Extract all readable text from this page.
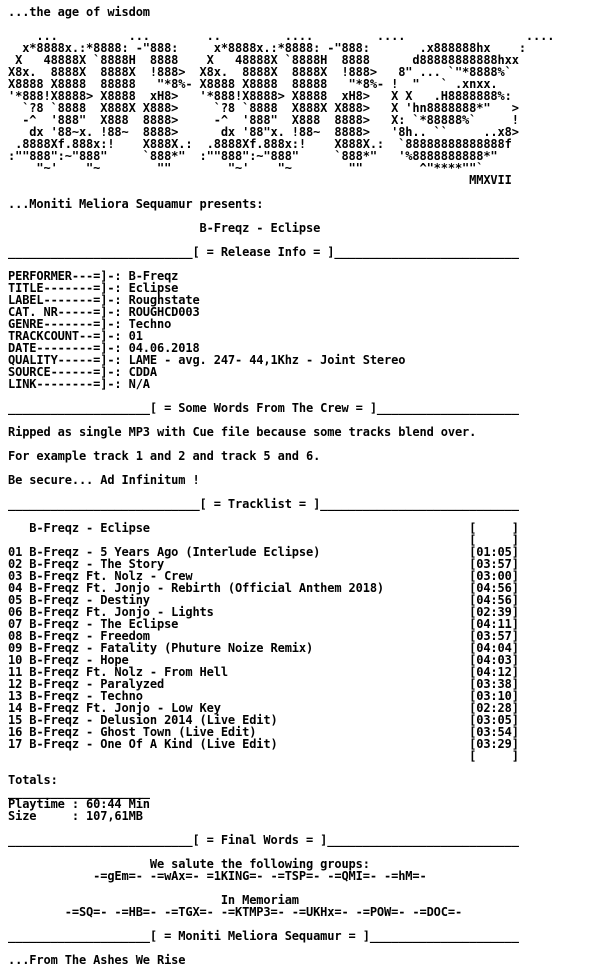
...the age of wisdom

...          ...        ..         ....         ....                 ....
x*8888x.:*8888: -"888:     x*8888x.:*8888: -"888:       .x888888hx    :
X   48888X `8888H  8888    X   48888X `8888H  8888      d88888888888hxx
X8x.  8888X  8888X  !888>  X8x.  8888X  8888X  !888>   8" ... `"*8888%`
X8888 X8888  88888   "*8%- X8888 X8888  88888   "*8%- !  "   ` .xnxx.
'*888!X8888> X8888  xH8>   '*888!X8888> X8888  xH8>   X X   .H8888888%:
`?8 `8888  X888X X888>     `?8 `8888  X888X X888>   X 'hn8888888*"   >
-^  '888"  X888  8888>     -^  '888"  X888  8888>   X: `*88888%`     !
dx '88~x. !88~  8888>      dx '88"x. !88~  8888>   '8h.. ``     ..x8>
.8888Xf.888x:!    X888X.:  .8888Xf.888x:!    X888X.:  `88888888888888f
:""888":~"888"     `888*"  :""888":~"888"     `888*"   '%8888888888*"
"~'    "~        ""        "~'    "~        ""        ^"****""`
MMXVII

...Moniti Meliora Sequamur presents:

B-Freqz - Eclipse

__________________________[ = Release Info = ]__________________________

PERFORMER---=]-: B-Freqz
TITLE-------=]-: Eclipse
LABEL-------=]-: Roughstate
CAT. NR-----=]-: ROUGHCD003
GENRE-------=]-: Techno
TRACKCOUNT--=]-: 01
DATE--------=]-: 04.06.2018
QUALITY-----=]-: LAME - avg. 247- 44,1Khz - Joint Stereo
SOURCE------=]-: CDDA
LINK--------=]-: N/A

____________________[ = Some Words From The Crew = ]____________________

Ripped as single MP3 with Cue file because some tracks blend over.

For example track 1 and 2 and track 5 and 6.

Be secure... Ad Infinitum !

___________________________[ = Tracklist = ]____________________________

B-Freqz - Eclipse                                             [     ]
[     ]
01 B-Freqz - 5 Years Ago (Interlude Eclipse)                     [01:05]
02 B-Freqz - The Story                                           [03:57]
03 B-Freqz Ft. Nolz - Crew                                       [03:00]
04 B-Freqz Ft. Jonjo - Rebirth (Official Anthem 2018)            [04:56]
05 B-Freqz - Destiny                                             [04:56]
06 B-Freqz Ft. Jonjo - Lights                                    [02:39]
07 B-Freqz - The Eclipse                                         [04:11]
08 B-Freqz - Freedom                                             [03:57]
09 B-Freqz - Fatality (Phuture Noize Remix)                      [04:04]
10 B-Freqz - Hope                                                [04:03]
11 B-Freqz Ft. Nolz - From Hell                                  [04:12]
12 B-Freqz - Paralyzed                                           [03:38]
13 B-Freqz - Techno                                              [03:10]
14 B-Freqz Ft. Jonjo - Low Key                                   [02:28]
15 B-Freqz - Delusion 2014 (Live Edit)                           [03:05]
16 B-Freqz - Ghost Town (Live Edit)                              [03:54]
17 B-Freqz - One Of A Kind (Live Edit)                           [03:29]
[     ]

Totals:
____________________
Playtime : 60:44 Min
Size     : 107,61MB

__________________________[ = Final Words = ]___________________________

We salute the following groups:
-=gEm=- -=wAx=- =1KING=- -=TSP=- -=QMI=- -=hM=-

In Memoriam
-=SQ=- -=HB=- -=TGX=- -=KTMP3=- -=UKHx=- -=POW=- -=DOC=-

____________________[ = Moniti Meliora Sequamur = ]_____________________

...From The Ashes We Rise
